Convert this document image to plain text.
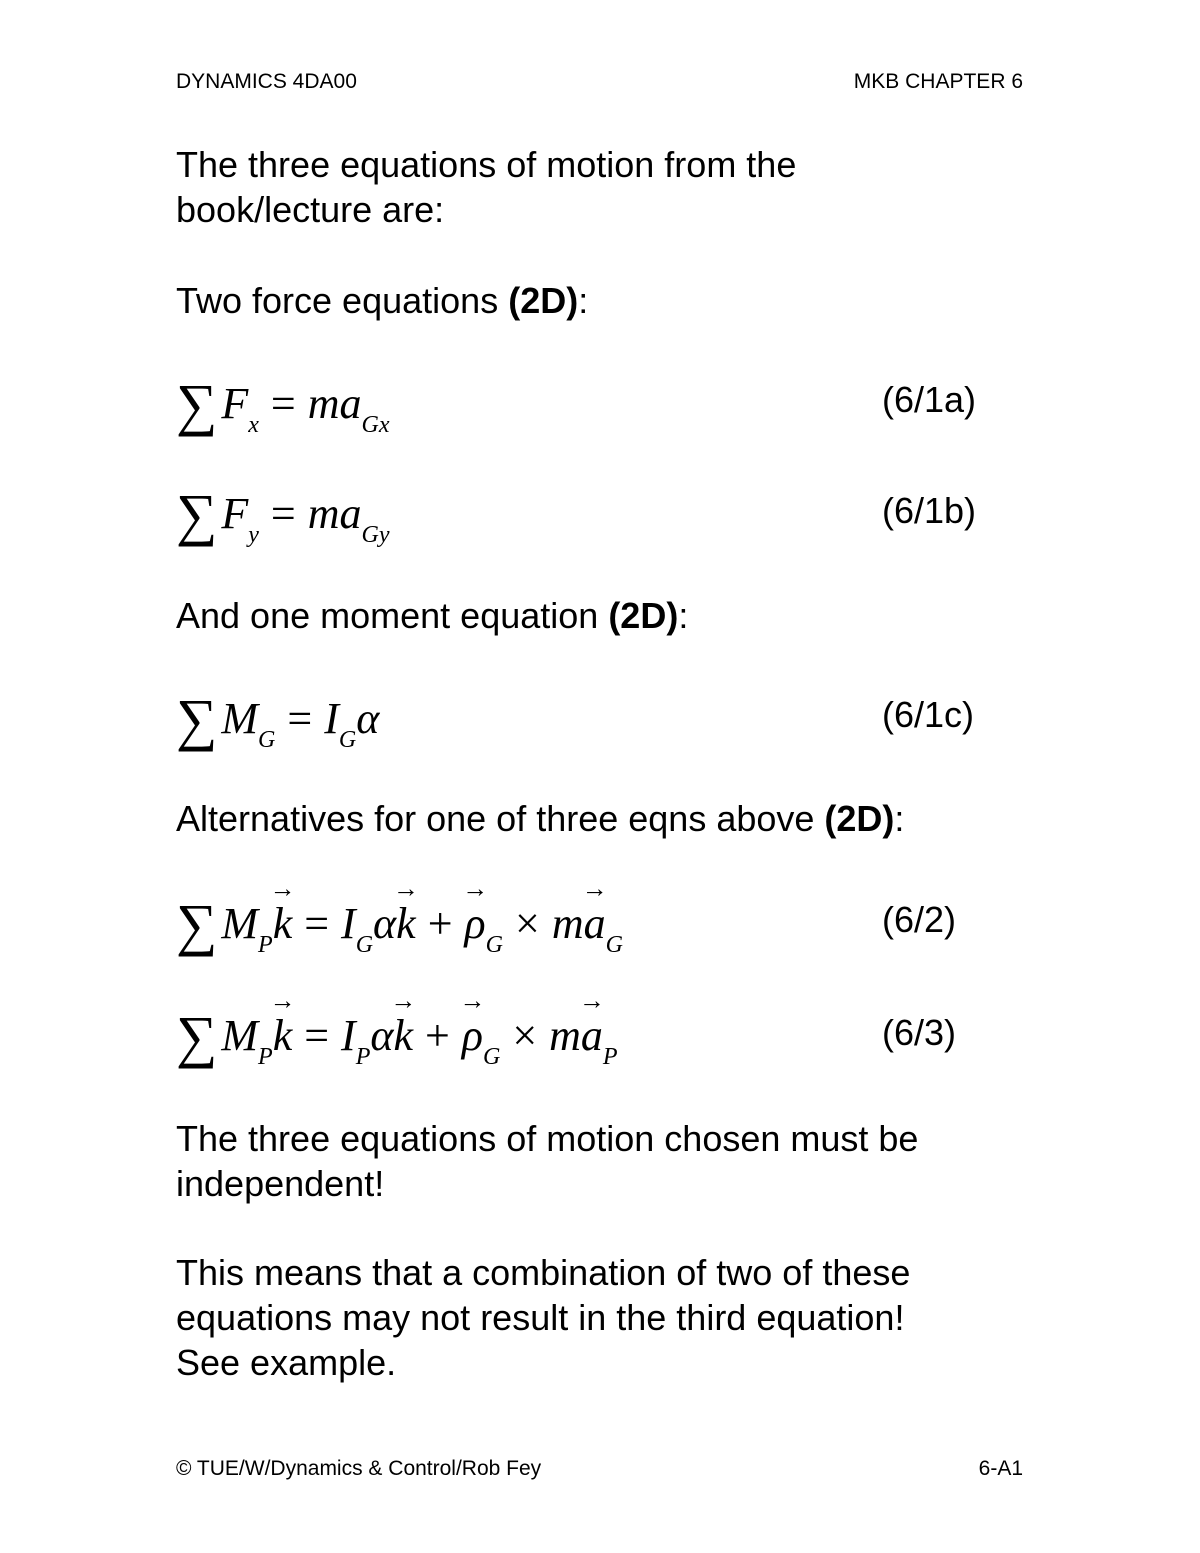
DYNAMICS 4DA00	MKB CHAPTER 6
The three equations of motion from the
book/lecture are:
Two force equations (2D):
$\sum F_x = ma_{Gx}$
(6/1a)
$\sum F_y = ma_{Gy}$
(6/1b)
And one moment equation (2D):
$\sum M_G = I_G\alpha$	(6/1c)
Alternatives for one of three eqns above (2D):
$\sum M_P\to k = I_G\alpha\to k +\to \rho_G \times m\to a_G$
(6/2)
$\sum M_P\to k = I_P\alpha\to k +\to \rho_G \times m\to a_P$
(6/3)
The three equations of motion chosen must be
independent!
This means that a combination of two of these
equations may not result in the third equation!
See example.
© TUE/W/Dynamics & Control/Rob Fey	6-A1
